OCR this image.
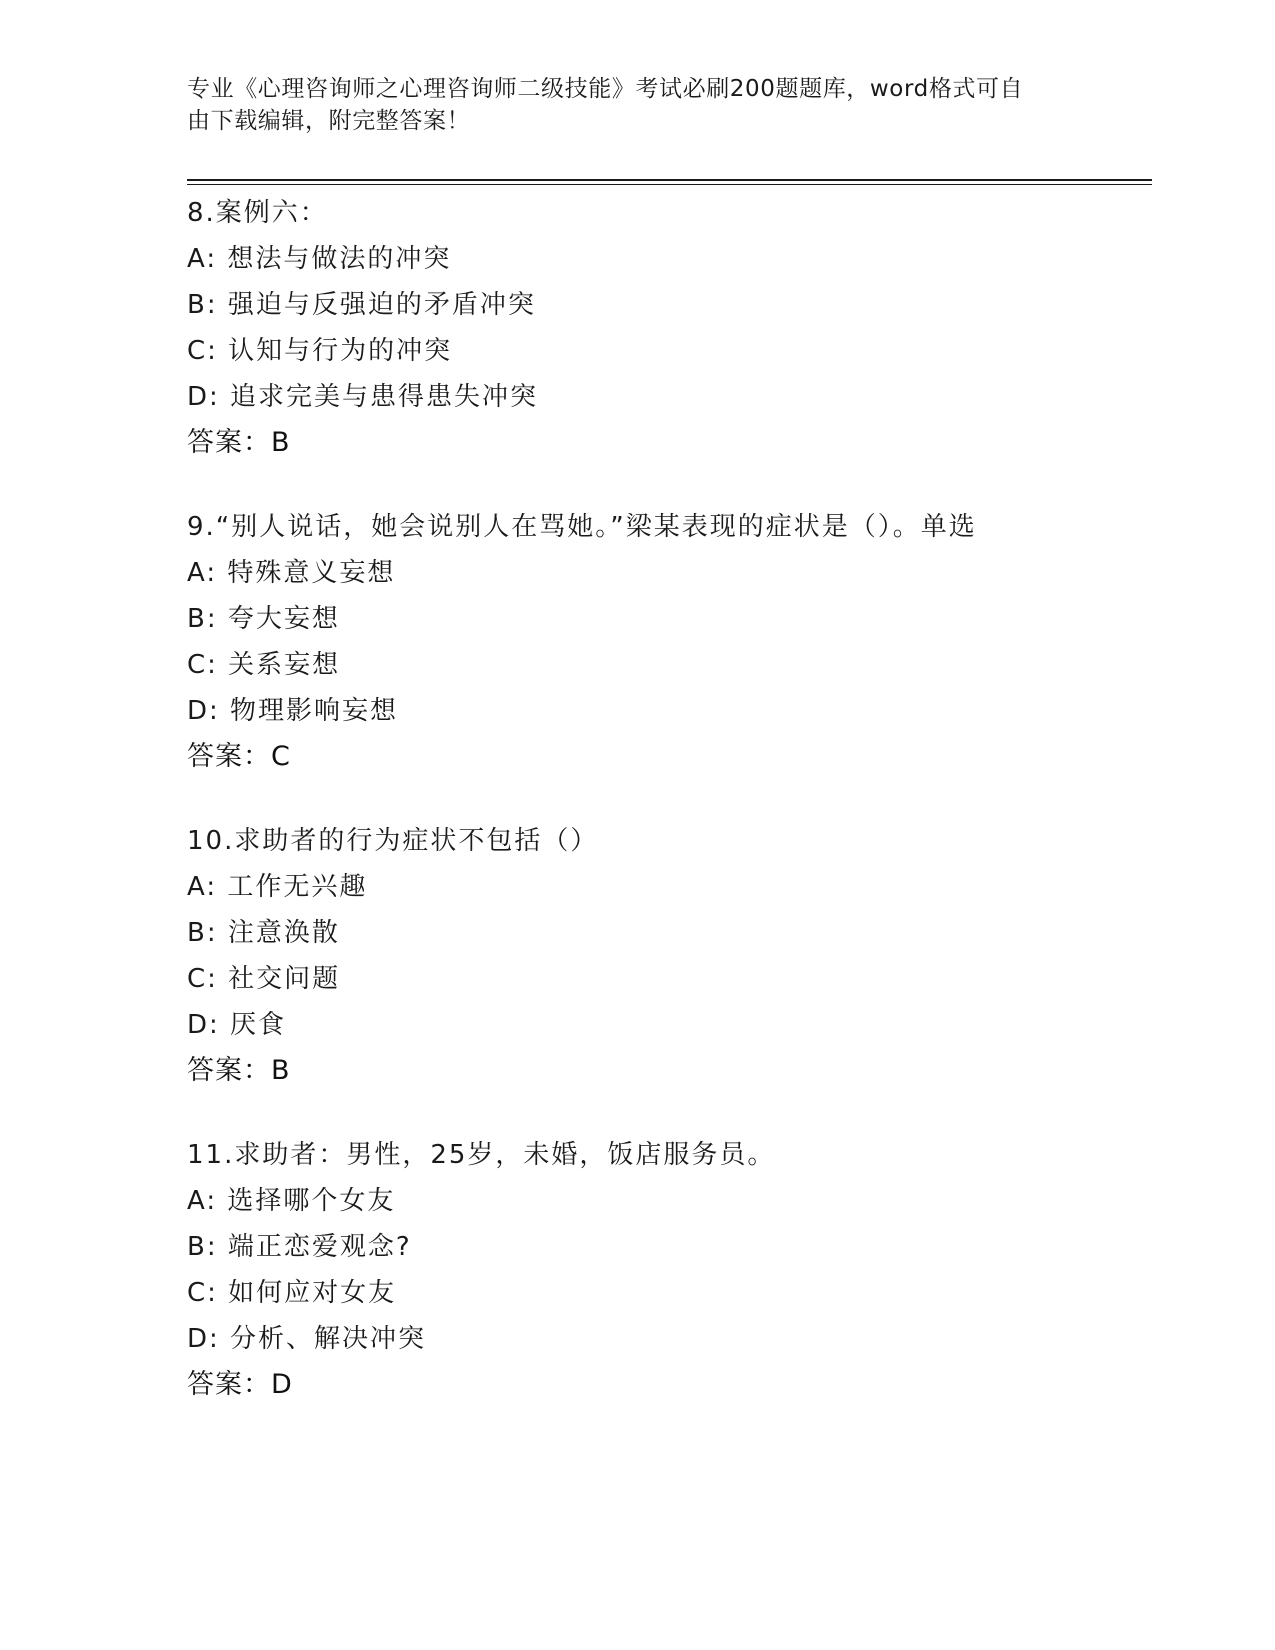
专业《心理咨询师之心理咨询师二级技能》考试必刷200题题库，word格式可自
由下载编辑，附完整答案！
8.案例六：
A: 想法与做法的冲突
B: 强迫与反强迫的矛盾冲突
C: 认知与行为的冲突
D: 追求完美与患得患失冲突
答案：B
9.“别人说话，她会说别人在骂她。”梁某表现的症状是（）。单选
A: 特殊意义妄想
B: 夸大妄想
C: 关系妄想
D: 物理影响妄想
答案：C
10.求助者的行为症状不包括（）
A: 工作无兴趣
B: 注意涣散
C: 社交问题
D: 厌食
答案：B
11.求助者：男性，25岁，未婚，饭店服务员。
A: 选择哪个女友
B: 端正恋爱观念?
C: 如何应对女友
D: 分析、解决冲突
答案：D
